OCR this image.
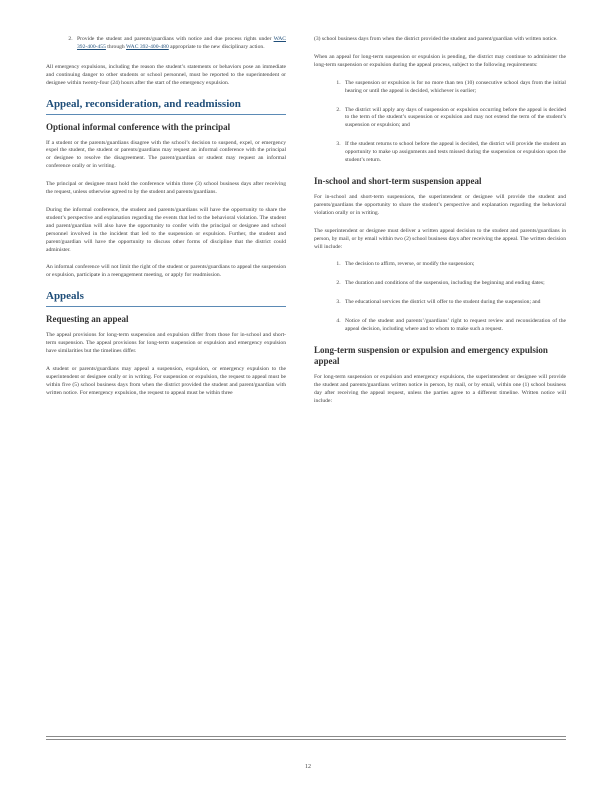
2. Provide the student and parents/guardians with notice and due process rights under WAC 392-400-455 through WAC 392-400-480 appropriate to the new disciplinary action.

All emergency expulsions, including the reason the student’s statements or behaviors pose an immediate and continuing danger to other students or school personnel, must be reported to the superintendent or designee within twenty-four (24) hours after the start of the emergency expulsion.

Appeal, reconsideration, and readmission
Optional informal conference with the principal

If a student or the parents/guardians disagree with the school’s decision to suspend, expel, or emergency expel the student, the student or parents/guardians may request an informal conference with the principal or designee to resolve the disagreement. The parent/guardian or student may request an informal conference orally or in writing.

The principal or designee must hold the conference within three (3) school business days after receiving the request, unless otherwise agreed to by the student and parents/guardians.

During the informal conference, the student and parents/guardians will have the opportunity to share the student’s perspective and explanation regarding the events that led to the behavioral violation. The student and parent/guardian will also have the opportunity to confer with the principal or designee and school personnel involved in the incident that led to the suspension or expulsion. Further, the student and parent/guardian will have the opportunity to discuss other forms of discipline that the district could administer.

An informal conference will not limit the right of the student or parents/guardians to appeal the suspension or expulsion, participate in a reengagement meeting, or apply for readmission.

Appeals
Requesting an appeal

The appeal provisions for long-term suspension and expulsion differ from those for in-school and short-term suspension. The appeal provisions for long-term suspension or expulsion and emergency expulsion have similarities but the timelines differ.

A student or parents/guardians may appeal a suspension, expulsion, or emergency expulsion to the superintendent or designee orally or in writing. For suspension or expulsion, the request to appeal must be within five (5) school business days from when the district provided the student and parent/guardian with written notice. For emergency expulsion, the request to appeal must be within three

(3) school business days from when the district provided the student and parent/guardian with written notice.

When an appeal for long-term suspension or expulsion is pending, the district may continue to administer the long-term suspension or expulsion during the appeal process, subject to the following requirements:

1. The suspension or expulsion is for no more than ten (10) consecutive school days from the initial hearing or until the appeal is decided, whichever is earlier;
2. The district will apply any days of suspension or expulsion occurring before the appeal is decided to the term of the student’s suspension or expulsion and may not extend the term of the student’s suspension or expulsion; and
3. If the student returns to school before the appeal is decided, the district will provide the student an opportunity to make up assignments and tests missed during the suspension or expulsion upon the student’s return.
In-school and short-term suspension appeal

For in-school and short-term suspensions, the superintendent or designee will provide the student and parents/guardians the opportunity to share the student’s perspective and explanation regarding the behavioral violation orally or in writing.

The superintendent or designee must deliver a written appeal decision to the student and parents/guardians in person, by mail, or by email within two (2) school business days after receiving the appeal. The written decision will include:

1. The decision to affirm, reverse, or modify the suspension;
2. The duration and conditions of the suspension, including the beginning and ending dates;
3. The educational services the district will offer to the student during the suspension; and
4. Notice of the student and parents’/guardians’ right to request review and reconsideration of the appeal decision, including where and to whom to make such a request.
Long-term suspension or expulsion and emergency expulsion appeal

For long-term suspension or expulsion and emergency expulsions, the superintendent or designee will provide the student and parents/guardians written notice in person, by mail, or by email, within one (1) school business day after receiving the appeal request, unless the parties agree to a different timeline. Written notice will include:

12
